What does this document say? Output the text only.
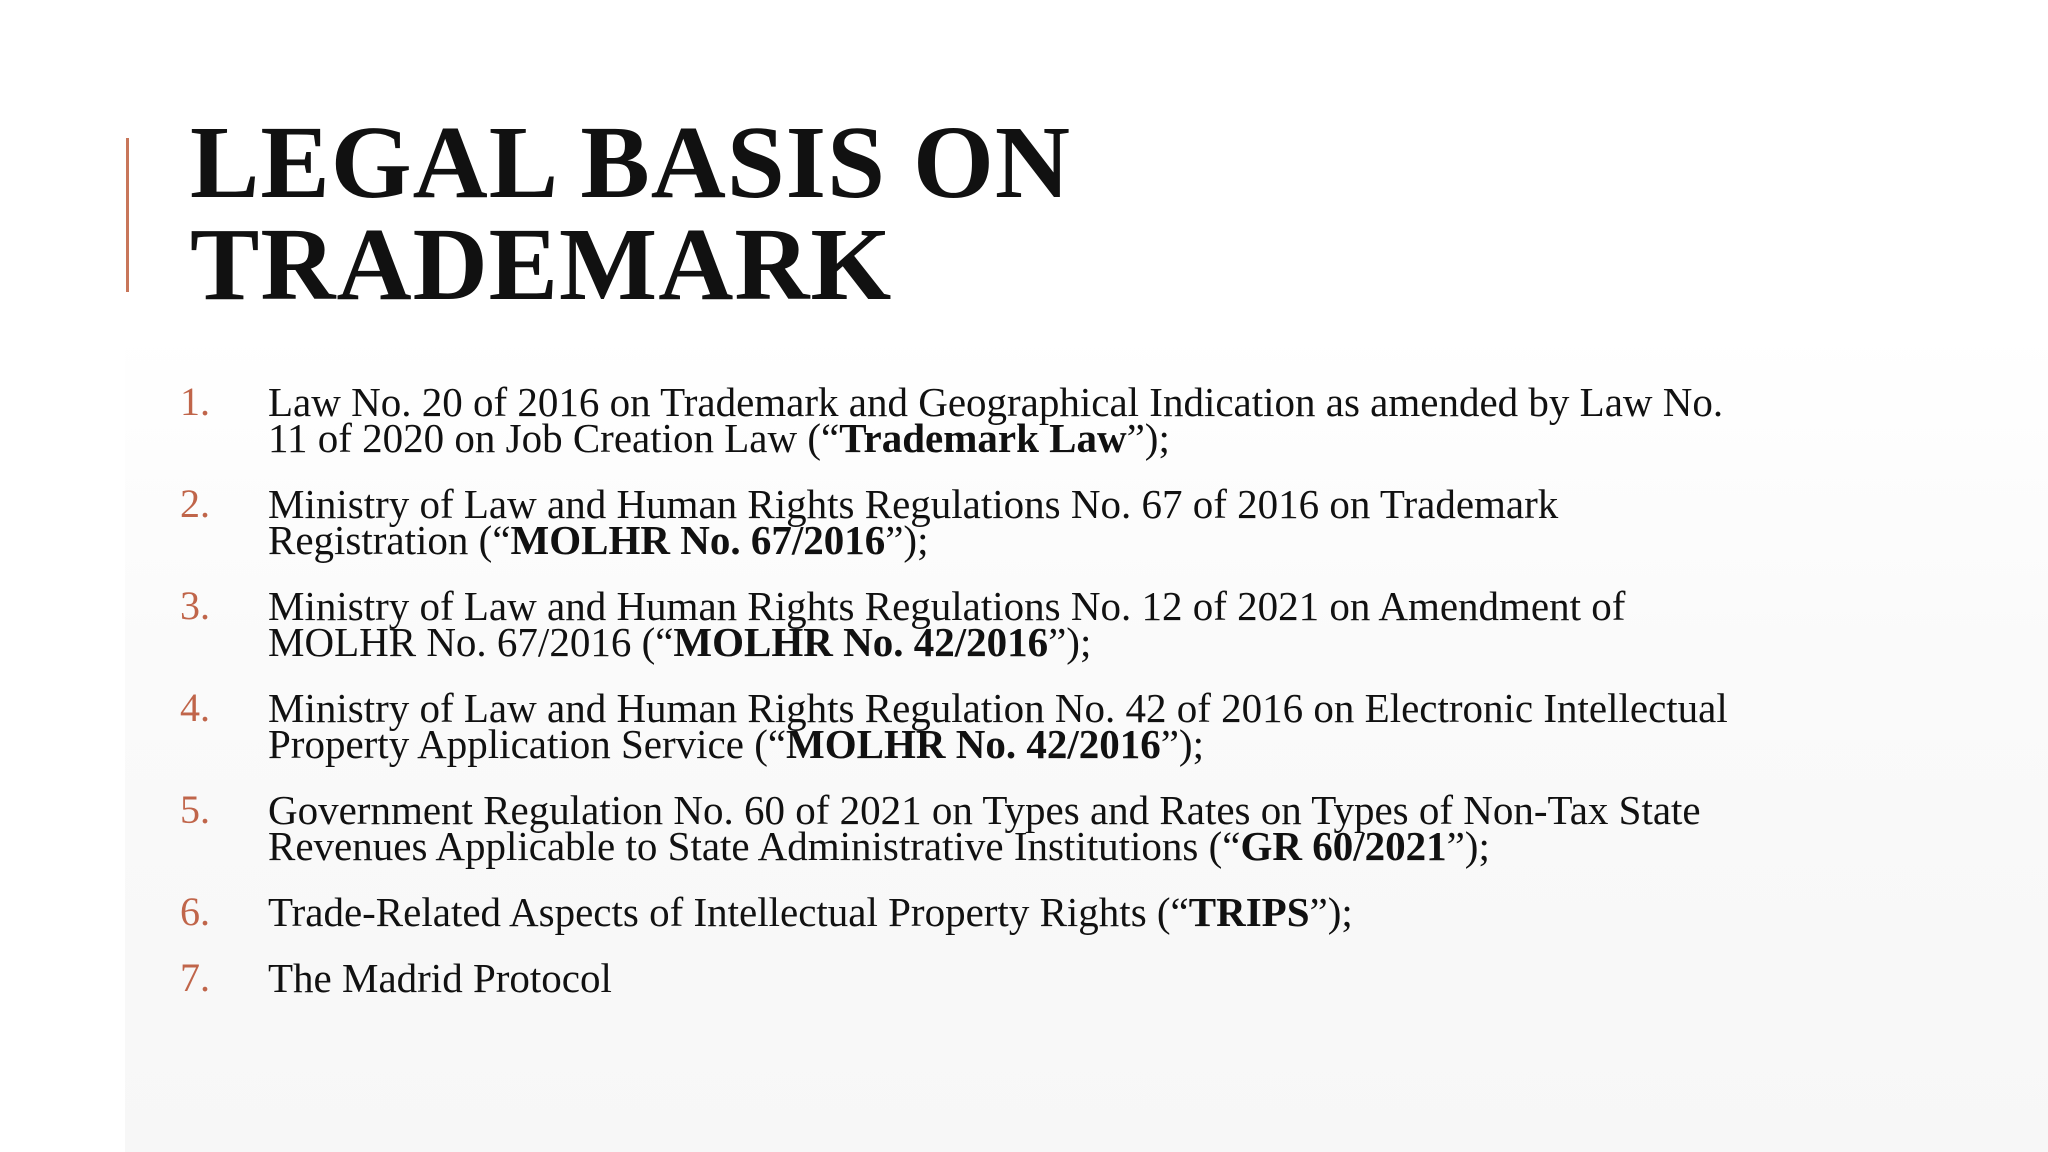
LEGAL BASIS ON
TRADEMARK
1. Law No. 20 of 2016 on Trademark and Geographical Indication as amended by Law No.
11 of 2020 on Job Creation Law (“Trademark Law”);
2. Ministry of Law and Human Rights Regulations No. 67 of 2016 on Trademark
Registration (“MOLHR No. 67/2016”);
3. Ministry of Law and Human Rights Regulations No. 12 of 2021 on Amendment of
MOLHR No. 67/2016 (“MOLHR No. 42/2016”);
4. Ministry of Law and Human Rights Regulation No. 42 of 2016 on Electronic Intellectual
Property Application Service (“MOLHR No. 42/2016”);
5. Government Regulation No. 60 of 2021 on Types and Rates on Types of Non-Tax State
Revenues Applicable to State Administrative Institutions (“GR 60/2021”);
6. Trade-Related Aspects of Intellectual Property Rights (“TRIPS”);
7. The Madrid Protocol
